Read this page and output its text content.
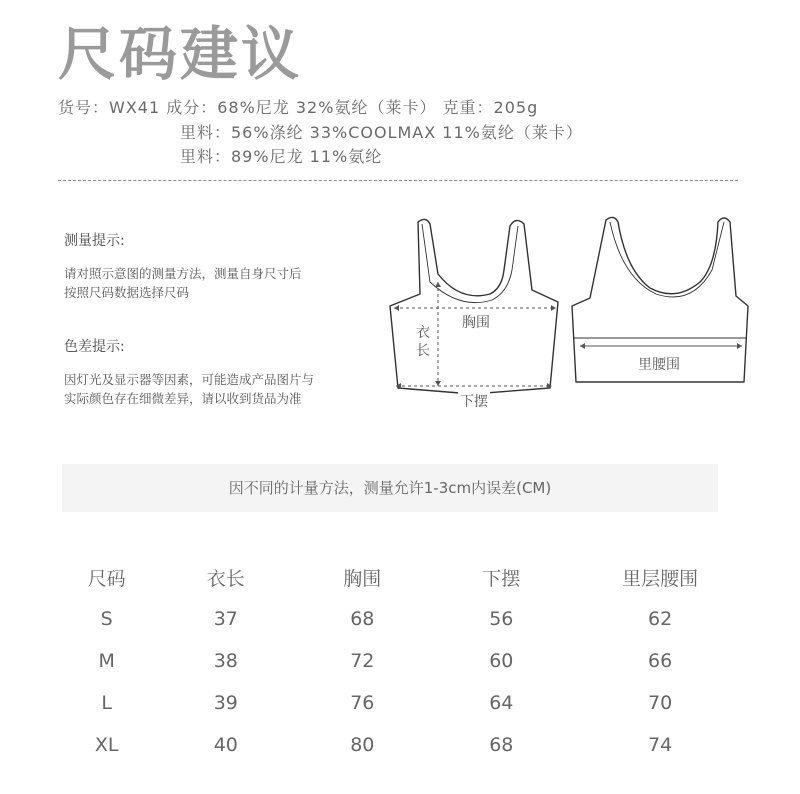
尺码建议
货号：WX41 成分：68%尼龙 32%氨纶（莱卡） 克重：205g
里料：56%涤纶 33%COOLMAX 11%氨纶（莱卡）
里料：89%尼龙 11%氨纶
测量提示:
请对照示意图的测量方法，测量自身尺寸后
按照尺码数据选择尺码
色差提示:
因灯光及显示器等因素，可能造成产品图片与
实际颜色存在细微差异，请以收到货品为准
胸围
衣长
下摆
里腰围
因不同的计量方法，测量允许1-3cm内误差(CM)
尺码	衣长	胸围	下摆	里层腰围
S	37	68	56	62
M	38	72	60	66
L	39	76	64	70
XL	40	80	68	74
